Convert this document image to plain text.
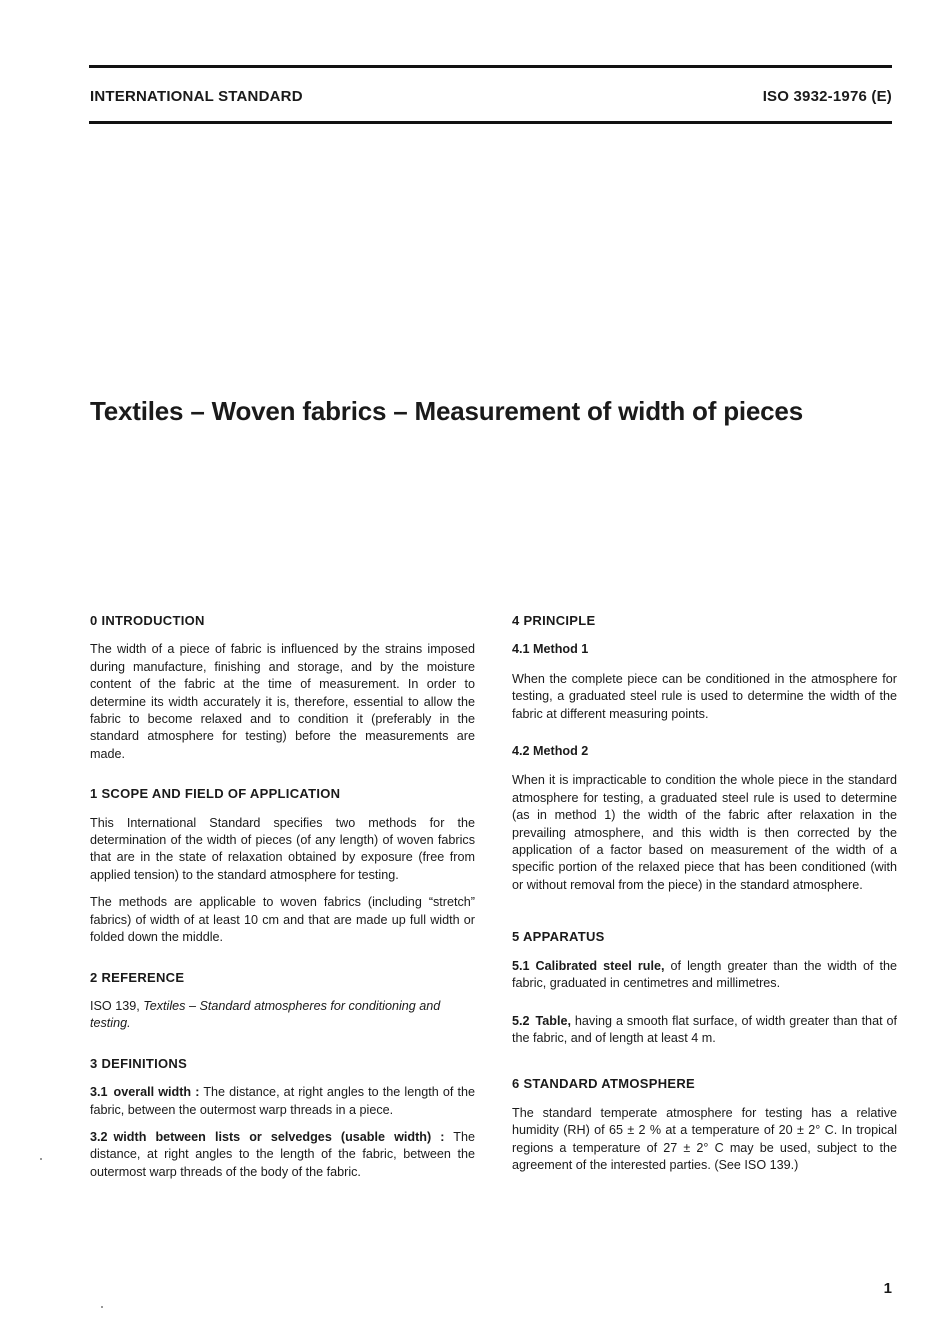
INTERNATIONAL STANDARD	ISO 3932-1976 (E)
Textiles – Woven fabrics – Measurement of width of pieces
0 INTRODUCTION

The width of a piece of fabric is influenced by the strains imposed during manufacture, finishing and storage, and by the moisture content of the fabric at the time of measurement. In order to determine its width accurately it is, therefore, essential to allow the fabric to become relaxed and to condition it (preferably in the standard atmosphere for testing) before the measurements are made.

1 SCOPE AND FIELD OF APPLICATION

This International Standard specifies two methods for the determination of the width of pieces (of any length) of woven fabrics that are in the state of relaxation obtained by exposure (free from applied tension) to the standard atmosphere for testing.

The methods are applicable to woven fabrics (including “stretch” fabrics) of width of at least 10 cm and that are made up full width or folded down the middle.

2 REFERENCE

ISO 139, Textiles – Standard atmospheres for conditioning and testing.

3 DEFINITIONS

3.1 overall width : The distance, at right angles to the length of the fabric, between the outermost warp threads in a piece.

3.2 width between lists or selvedges (usable width) : The distance, at right angles to the length of the fabric, between the outermost warp threads of the body of the fabric.

4 PRINCIPLE
4.1 Method 1

When the complete piece can be conditioned in the atmosphere for testing, a graduated steel rule is used to determine the width of the fabric at different measuring points.

4.2 Method 2

When it is impracticable to condition the whole piece in the standard atmosphere for testing, a graduated steel rule is used to determine (as in method 1) the width of the fabric after relaxation in the prevailing atmosphere, and this width is then corrected by the application of a factor based on measurement of the width of a specific portion of the relaxed piece that has been conditioned (with or without removal from the piece) in the standard atmosphere.

5 APPARATUS

5.1 Calibrated steel rule, of length greater than the width of the fabric, graduated in centimetres and millimetres.

5.2 Table, having a smooth flat surface, of width greater than that of the fabric, and of length at least 4 m.

6 STANDARD ATMOSPHERE

The standard temperate atmosphere for testing has a relative humidity (RH) of 65 ± 2 % at a temperature of 20 ± 2° C. In tropical regions a temperature of 27 ± 2° C may be used, subject to the agreement of the interested parties. (See ISO 139.)

1
